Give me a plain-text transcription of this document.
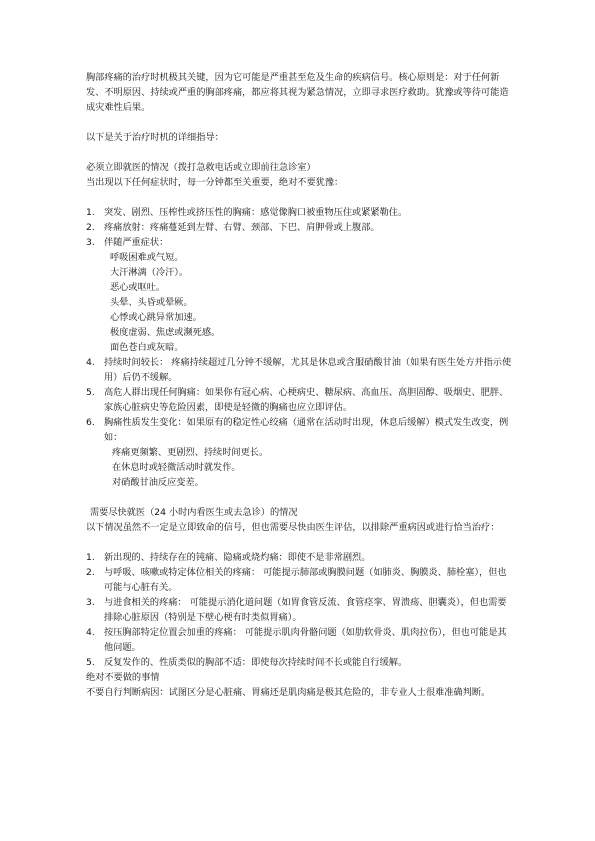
胸部疼痛的治疗时机极其关键，因为它可能是严重甚至危及生命的疾病信号。核心原则是：对于任何新发、不明原因、持续或严重的胸部疼痛，都应将其视为紧急情况，立即寻求医疗救助。犹豫或等待可能造成灾难性后果。

以下是关于治疗时机的详细指导：

必须立即就医的情况（拨打急救电话或立即前往急诊室）

当出现以下任何症状时，每一分钟都至关重要，绝对不要犹豫：

1. 突发、剧烈、压榨性或挤压性的胸痛：感觉像胸口被重物压住或紧紧勒住。
2. 疼痛放射：疼痛蔓延到左臂、右臂、颈部、下巴、肩胛骨或上腹部。
3. 伴随严重症状：

呼吸困难或气短。

大汗淋漓（冷汗）。

恶心或呕吐。

头晕、头昏或晕厥。

心悸或心跳异常加速。

极度虚弱、焦虑或濒死感。

面色苍白或灰暗。

4. 持续时间较长： 疼痛持续超过几分钟不缓解，尤其是休息或含服硝酸甘油（如果有医生处方并指示使用）后仍不缓解。
5. 高危人群出现任何胸痛：如果你有冠心病、心梗病史、糖尿病、高血压、高胆固醇、吸烟史、肥胖、家族心脏病史等危险因素，即使是轻微的胸痛也应立即评估。
6. 胸痛性质发生变化：如果原有的稳定性心绞痛（通常在活动时出现，休息后缓解）模式发生改变，例如：

疼痛更频繁、更剧烈、持续时间更长。

在休息时或轻微活动时就发作。

对硝酸甘油反应变差。

需要尽快就医（24 小时内看医生或去急诊）的情况

以下情况虽然不一定是立即致命的信号，但也需要尽快由医生评估，以排除严重病因或进行恰当治疗：

1. 新出现的、持续存在的钝痛、隐痛或烧灼痛：即使不是非常剧烈。
2. 与呼吸、咳嗽或特定体位相关的疼痛： 可能提示肺部或胸膜问题（如肺炎、胸膜炎、肺栓塞），但也可能与心脏有关。
3. 与进食相关的疼痛： 可能提示消化道问题（如胃食管反流、食管痉挛、胃溃疡、胆囊炎），但也需要排除心脏原因（特别是下壁心梗有时类似胃痛）。
4. 按压胸部特定位置会加重的疼痛： 可能提示肌肉骨骼问题（如肋软骨炎、肌肉拉伤），但也可能是其他问题。
5. 反复发作的、性质类似的胸部不适：即使每次持续时间不长或能自行缓解。

绝对不要做的事情

不要自行判断病因：试图区分是心脏痛、胃痛还是肌肉痛是极其危险的，非专业人士很难准确判断。
